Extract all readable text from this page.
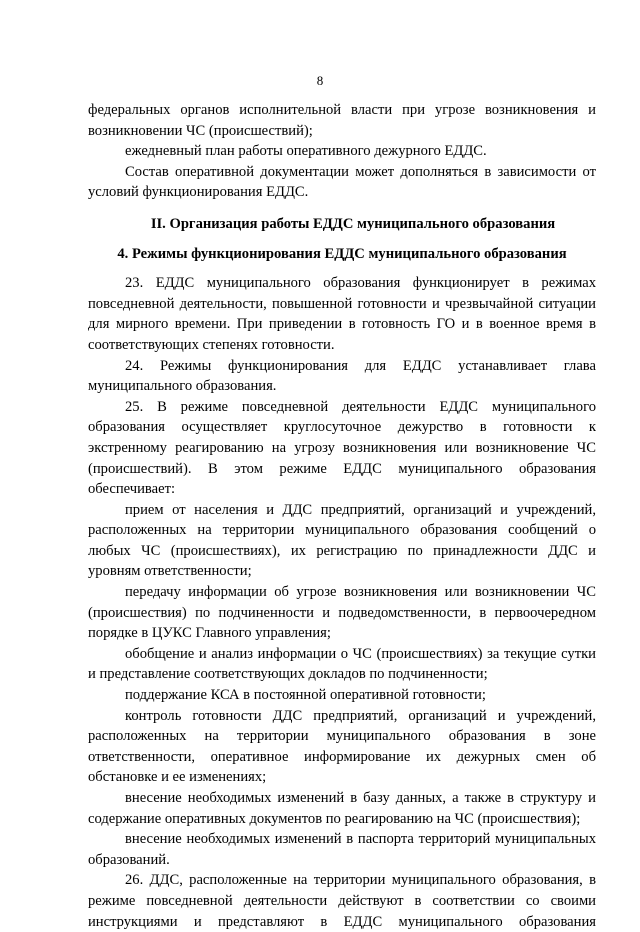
8

федеральных органов исполнительной власти при угрозе возникновения и возникновении ЧС (происшествий);

ежедневный план работы оперативного дежурного ЕДДС.

Состав оперативной документации может дополняться в зависимости от условий функционирования ЕДДС.

II. Организация работы ЕДДС муниципального образования

4. Режимы функционирования ЕДДС муниципального образования

23. ЕДДС муниципального образования функционирует в режимах повседневной деятельности, повышенной готовности и чрезвычайной ситуации для мирного времени. При приведении в готовность ГО и в военное время в соответствующих степенях готовности.

24. Режимы функционирования для ЕДДС устанавливает глава муниципального образования.

25. В режиме повседневной деятельности ЕДДС муниципального образования осуществляет круглосуточное дежурство в готовности к экстренному реагированию на угрозу возникновения или возникновение ЧС (происшествий). В этом режиме ЕДДС муниципального образования обеспечивает:

прием от населения и ДДС предприятий, организаций и учреждений, расположенных на территории муниципального образования сообщений о любых ЧС (происшествиях), их регистрацию по принадлежности ДДС и уровням ответственности;

передачу информации об угрозе возникновения или возникновении ЧС (происшествия) по подчиненности и подведомственности, в первоочередном порядке в ЦУКС Главного управления;

обобщение и анализ информации о ЧС (происшествиях) за текущие сутки и представление соответствующих докладов по подчиненности;

поддержание КСА в постоянной оперативной готовности;

контроль готовности ДДС предприятий, организаций и учреждений, расположенных на территории муниципального образования в зоне ответственности, оперативное информирование их дежурных смен об обстановке и ее изменениях;

внесение необходимых изменений в базу данных, а также в структуру и содержание оперативных документов по реагированию на ЧС (происшествия);

внесение необходимых изменений в паспорта территорий муниципальных образований.

26. ДДС, расположенные на территории муниципального образования, в режиме повседневной деятельности действуют в соответствии со своими инструкциями и представляют в ЕДДС муниципального образования
